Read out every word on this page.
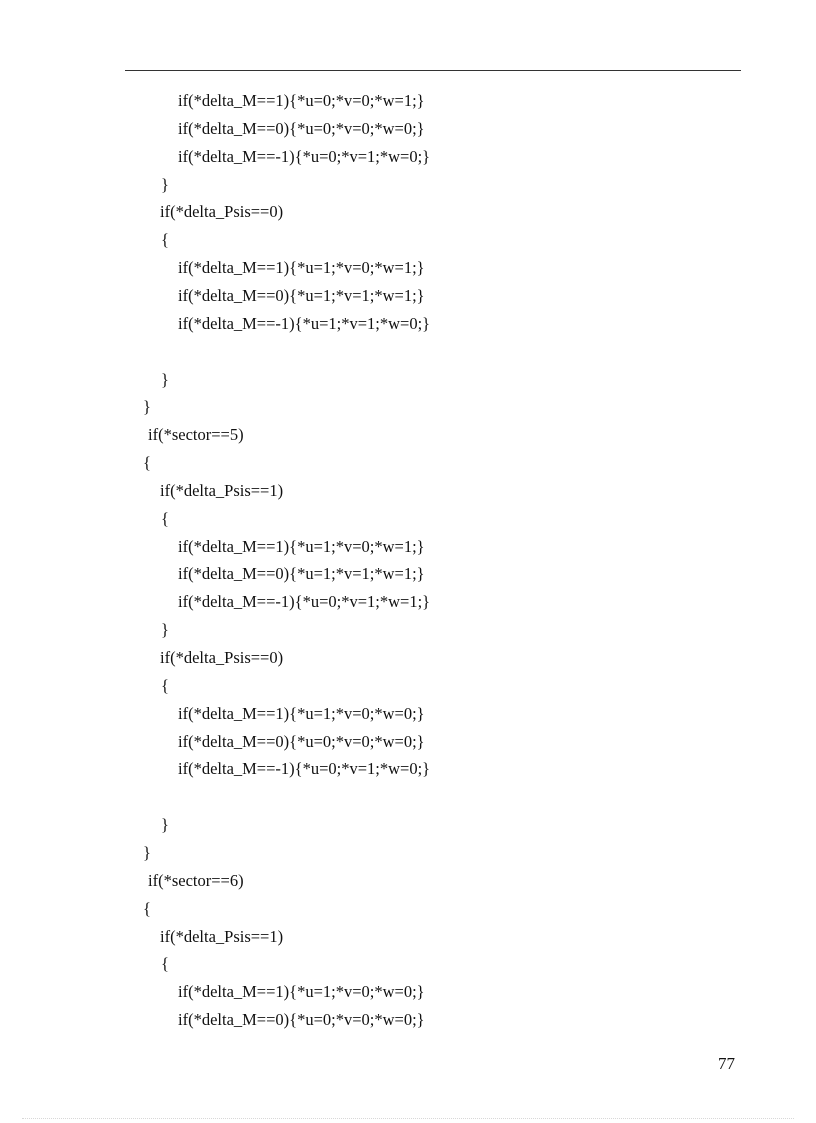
if(*delta_M==1){*u=0;*v=0;*w=1;}
if(*delta_M==0){*u=0;*v=0;*w=0;}
if(*delta_M==-1){*u=0;*v=1;*w=0;}
}
if(*delta_Psis==0)
{
if(*delta_M==1){*u=1;*v=0;*w=1;}
if(*delta_M==0){*u=1;*v=1;*w=1;}
if(*delta_M==-1){*u=1;*v=1;*w=0;}
}
}
if(*sector==5)
{
if(*delta_Psis==1)
{
if(*delta_M==1){*u=1;*v=0;*w=1;}
if(*delta_M==0){*u=1;*v=1;*w=1;}
if(*delta_M==-1){*u=0;*v=1;*w=1;}
}
if(*delta_Psis==0)
{
if(*delta_M==1){*u=1;*v=0;*w=0;}
if(*delta_M==0){*u=0;*v=0;*w=0;}
if(*delta_M==-1){*u=0;*v=1;*w=0;}
}
}
if(*sector==6)
{
if(*delta_Psis==1)
{
if(*delta_M==1){*u=1;*v=0;*w=0;}
if(*delta_M==0){*u=0;*v=0;*w=0;}
77
